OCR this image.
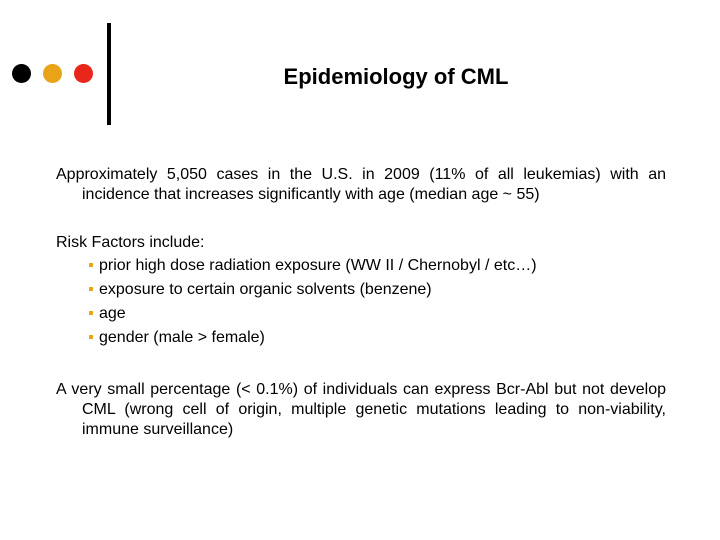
Epidemiology of CML

Approximately 5,050 cases in the U.S. in 2009 (11% of all leukemias) with an incidence that increases significantly with age (median age ~ 55)

Risk Factors include:

prior high dose radiation exposure (WW II / Chernobyl / etc…)
exposure to certain organic solvents (benzene)
age
gender (male > female)

A very small percentage (< 0.1%) of individuals can express Bcr-Abl but not develop CML (wrong cell of origin, multiple genetic mutations leading to non-viability, immune surveillance)
